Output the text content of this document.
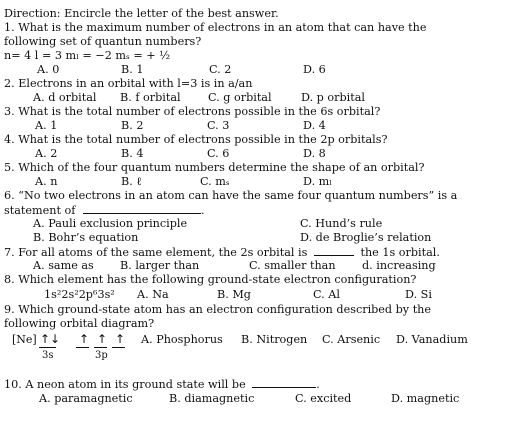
Direction: Encircle the letter of the best answer.
1. What is the maximum number of electrons in an atom that can have the
following set of quantun numbers?
n= 4 l = 3 mₗ = −2 mₛ = + ½
A. 0	B. 1	C. 2	D. 6
2. Electrons in an orbital with l=3 is in a/an
A. d orbital B. f orbital C. g orbital	D. p orbital
3. What is the total number of electrons possible in the 6s orbital?
A. 1	B. 2	C. 3	D. 4
4. What is the total number of electrons possible in the 2p orbitals?
A. 2	B. 4	C. 6	D. 8
5. Which of the four quantum numbers determine the shape of an orbital?
A. n	B. ℓ	C. mₛ	D. mₗ
6. “No two electrons in an atom can have the same four quantum numbers” is a
statement of	.
A. Pauli exclusion principle	C. Hund’s rule
B. Bohr’s equation	D. de Broglie’s relation
7. For all atoms of the same element, the 2s orbital is	the 1s orbital.
A. same as B. larger than	C. smaller than d. increasing
8. Which element has the following ground-state electron configuration?
1s²2s²2p⁶3s² A. Na	B. Mg	C. Al	D. Si
9. Which ground-state atom has an electron configuration described by the
following orbital diagram?
[Ne] ↑↓
3s
↑ ↑ ↑
3p
A. Phosphorus B. Nitrogen C. Arsenic D. Vanadium
10. A neon atom in its ground state will be	.
A. paramagnetic	B. diamagnetic	C. excited	D. magnetic
